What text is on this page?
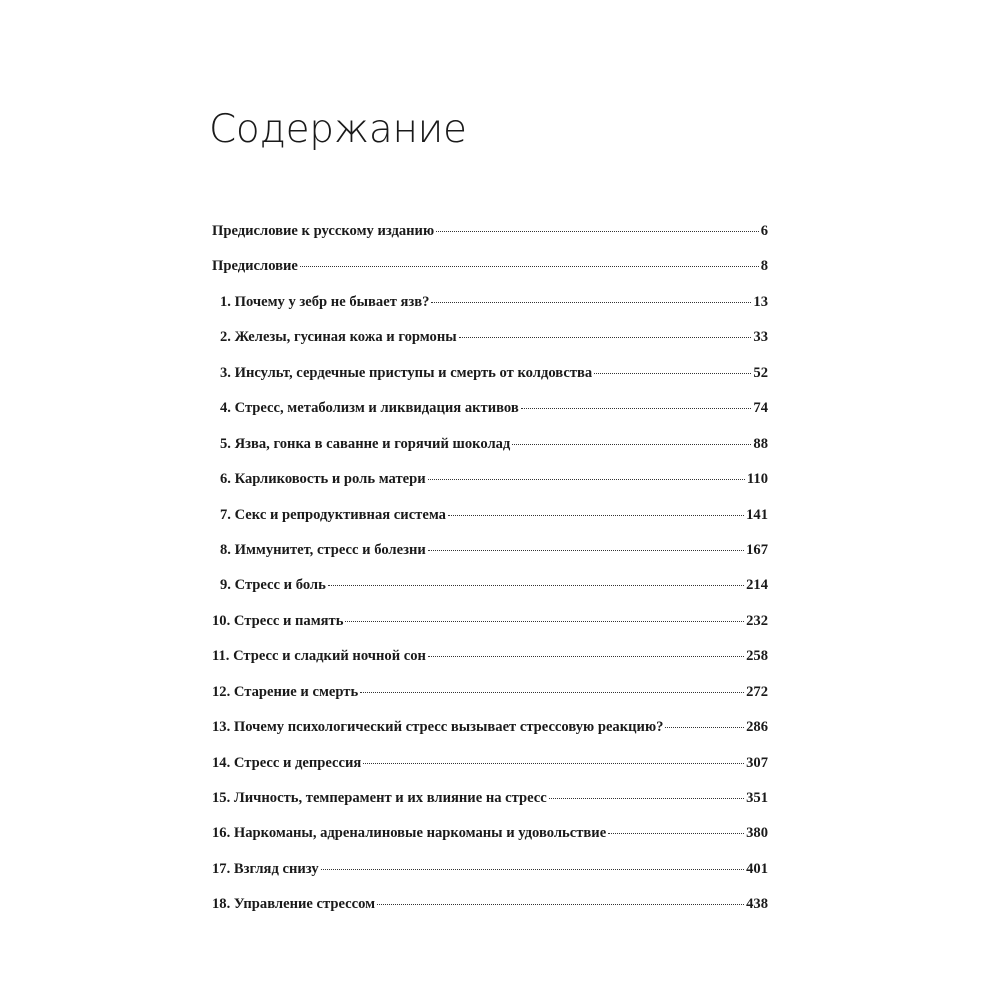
Содержание
Предисловие к русскому изданию	6
Предисловие	8
1. Почему у зебр не бывает язв?	13
2. Железы, гусиная кожа и гормоны	33
3. Инсульт, сердечные приступы и смерть от колдовства	52
4. Стресс, метаболизм и ликвидация активов	74
5. Язва, гонка в саванне и горячий шоколад	88
6. Карликовость и роль матери	110
7. Секс и репродуктивная система	141
8. Иммунитет, стресс и болезни	167
9. Стресс и боль	214
10. Стресс и память	232
11. Стресс и сладкий ночной сон	258
12. Старение и смерть	272
13. Почему психологический стресс вызывает стрессовую реакцию?	286
14. Стресс и депрессия	307
15. Личность, темперамент и их влияние на стресс	351
16. Наркоманы, адреналиновые наркоманы и удовольствие	380
17. Взгляд снизу	401
18. Управление стрессом	438
